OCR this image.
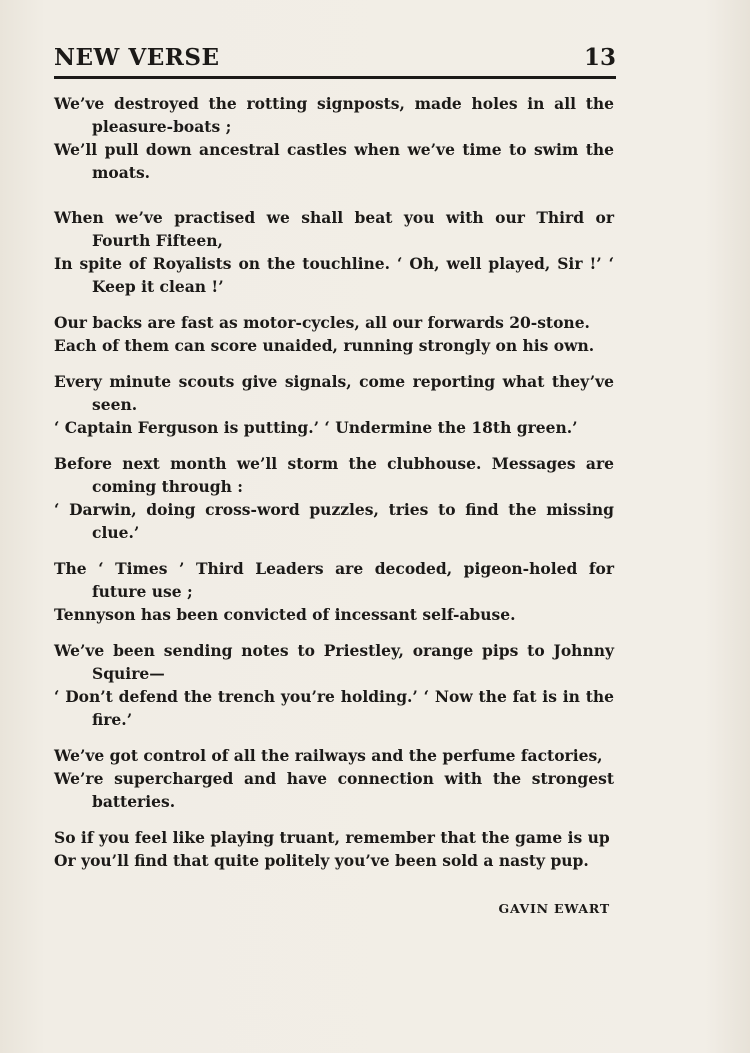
NEW VERSE	13

We’ve destroyed the rotting signposts, made holes in all the pleasure-boats ;

We’ll pull down ancestral castles when we’ve time to swim the moats.

When we’ve practised we shall beat you with our Third or Fourth Fifteen,

In spite of Royalists on the touchline. ‘ Oh, well played, Sir !’ ‘ Keep it clean !’

Our backs are fast as motor-cycles, all our forwards 20-stone.

Each of them can score unaided, running strongly on his own.

Every minute scouts give signals, come reporting what they’ve seen.

‘ Captain Ferguson is putting.’ ‘ Undermine the 18th green.’

Before next month we’ll storm the clubhouse. Messages are coming through :

‘ Darwin, doing cross-word puzzles, tries to find the missing clue.’

The ‘ Times ’ Third Leaders are decoded, pigeon-holed for future use ;

Tennyson has been convicted of incessant self-abuse.

We’ve been sending notes to Priestley, orange pips to Johnny Squire—

‘ Don’t defend the trench you’re holding.’ ‘ Now the fat is in the fire.’

We’ve got control of all the railways and the perfume factories,

We’re supercharged and have connection with the strongest batteries.

So if you feel like playing truant, remember that the game is up

Or you’ll find that quite politely you’ve been sold a nasty pup.

GAVIN EWART
